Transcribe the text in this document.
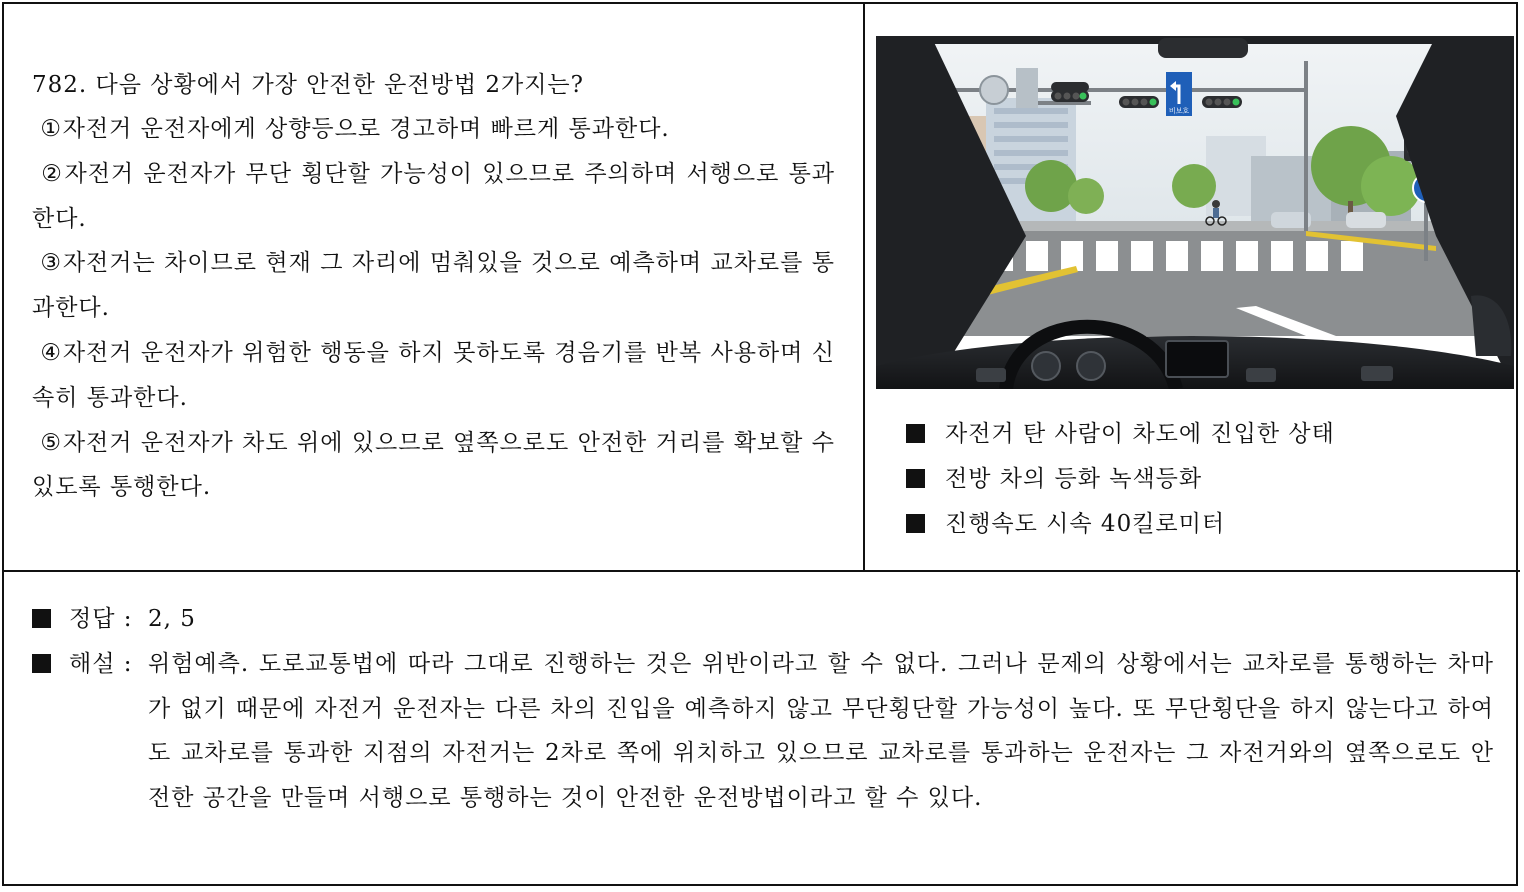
782. 다음 상황에서 가장 안전한 운전방법 2가지는?
① 자전거 운전자에게 상향등으로 경고하며 빠르게 통과한다.
② 자전거 운전자가 무단 횡단할 가능성이 있으므로 주의하며 서행으로 통과한다.
③ 자전거는 차이므로 현재 그 자리에 멈춰있을 것으로 예측하며 교차로를 통과한다.
④ 자전거 운전자가 위험한 행동을 하지 못하도록 경음기를 반복 사용하며 신속히 통과한다.
⑤ 자전거 운전자가 차도 위에 있으므로 옆쪽으로도 안전한 거리를 확보할 수 있도록 통행한다.
비보호
자전거 탄 사람이 차도에 진입한 상태
전방 차의 등화 녹색등화
진행속도 시속 40킬로미터
정답 : 2, 5
해설 : 위험예측. 도로교통법에 따라 그대로 진행하는 것은 위반이라고 할 수 없다. 그러나 문제의 상황에서는 교차로를 통행하는 차마가 없기 때문에 자전거 운전자는 다른 차의 진입을 예측하지 않고 무단횡단할 가능성이 높다. 또 무단횡단을 하지 않는다고 하여도 교차로를 통과한 지점의 자전거는 2차로 쪽에 위치하고 있으므로 교차로를 통과하는 운전자는 그 자전거와의 옆쪽으로도 안전한 공간을 만들며 서행으로 통행하는 것이 안전한 운전방법이라고 할 수 있다.
